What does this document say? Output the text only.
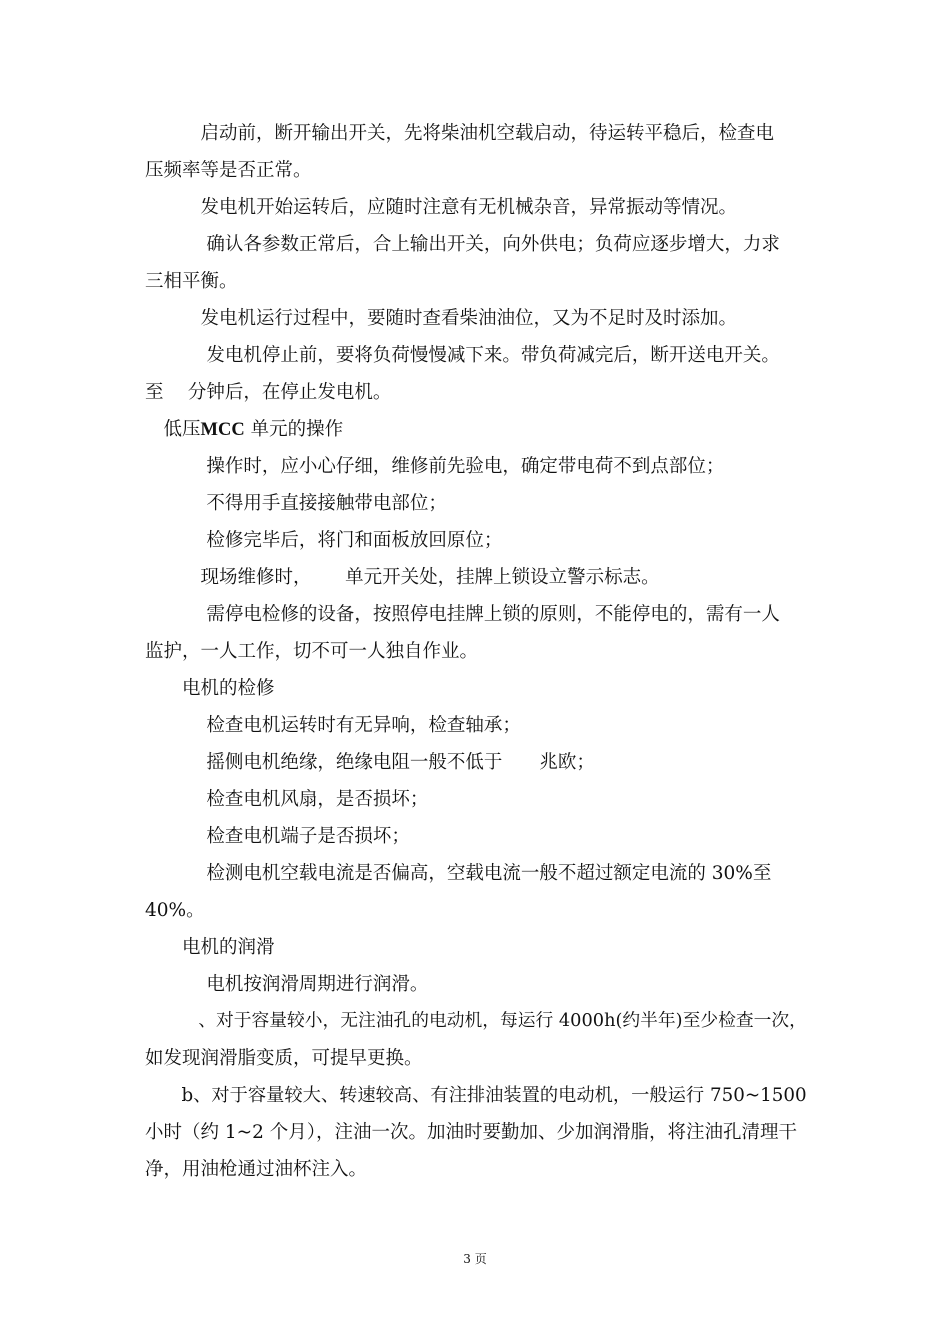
　　　启动前，断开输出开关，先将柴油机空载启动，待运转平稳后，检查电
压频率等是否正常。
　　　发电机开始运转后，应随时注意有无机械杂音，异常振动等情况。
　　　 确认各参数正常后，合上输出开关，向外供电；负荷应逐步增大，力求
三相平衡。
　　　发电机运行过程中，要随时查看柴油油位，又为不足时及时添加。
　　　 发电机停止前，要将负荷慢慢减下来。带负荷减完后，断开送电开关。
至　 分钟后，在停止发电机。
　低压MCC 单元的操作
　　　 操作时，应小心仔细，维修前先验电，确定带电荷不到点部位；
　　　 不得用手直接接触带电部位；
　　　 检修完毕后，将门和面板放回原位；
　　　现场维修时，　　 单元开关处，挂牌上锁设立警示标志。
　　　 需停电检修的设备，按照停电挂牌上锁的原则，不能停电的，需有一人
监护，一人工作，切不可一人独自作业。
　　电机的检修
　　　 检查电机运转时有无异响，检查轴承；
　　　 摇侧电机绝缘，绝缘电阻一般不低于　　兆欧；
　　　 检查电机风扇，是否损坏；
　　　 检查电机端子是否损坏；
　　　 检测电机空载电流是否偏高，空载电流一般不超过额定电流的 30%至
40%。
　　电机的润滑
　　　 电机按润滑周期进行润滑。
　　　、对于容量较小，无注油孔的电动机，每运行 4000h(约半年)至少检查一次，
如发现润滑脂变质，可提早更换。
　　b、对于容量较大、转速较高、有注排油装置的电动机，一般运行 750~1500
小时（约 1~2 个月），注油一次。加油时要勤加、少加润滑脂，将注油孔清理干
净，用油枪通过油杯注入。
3 页
